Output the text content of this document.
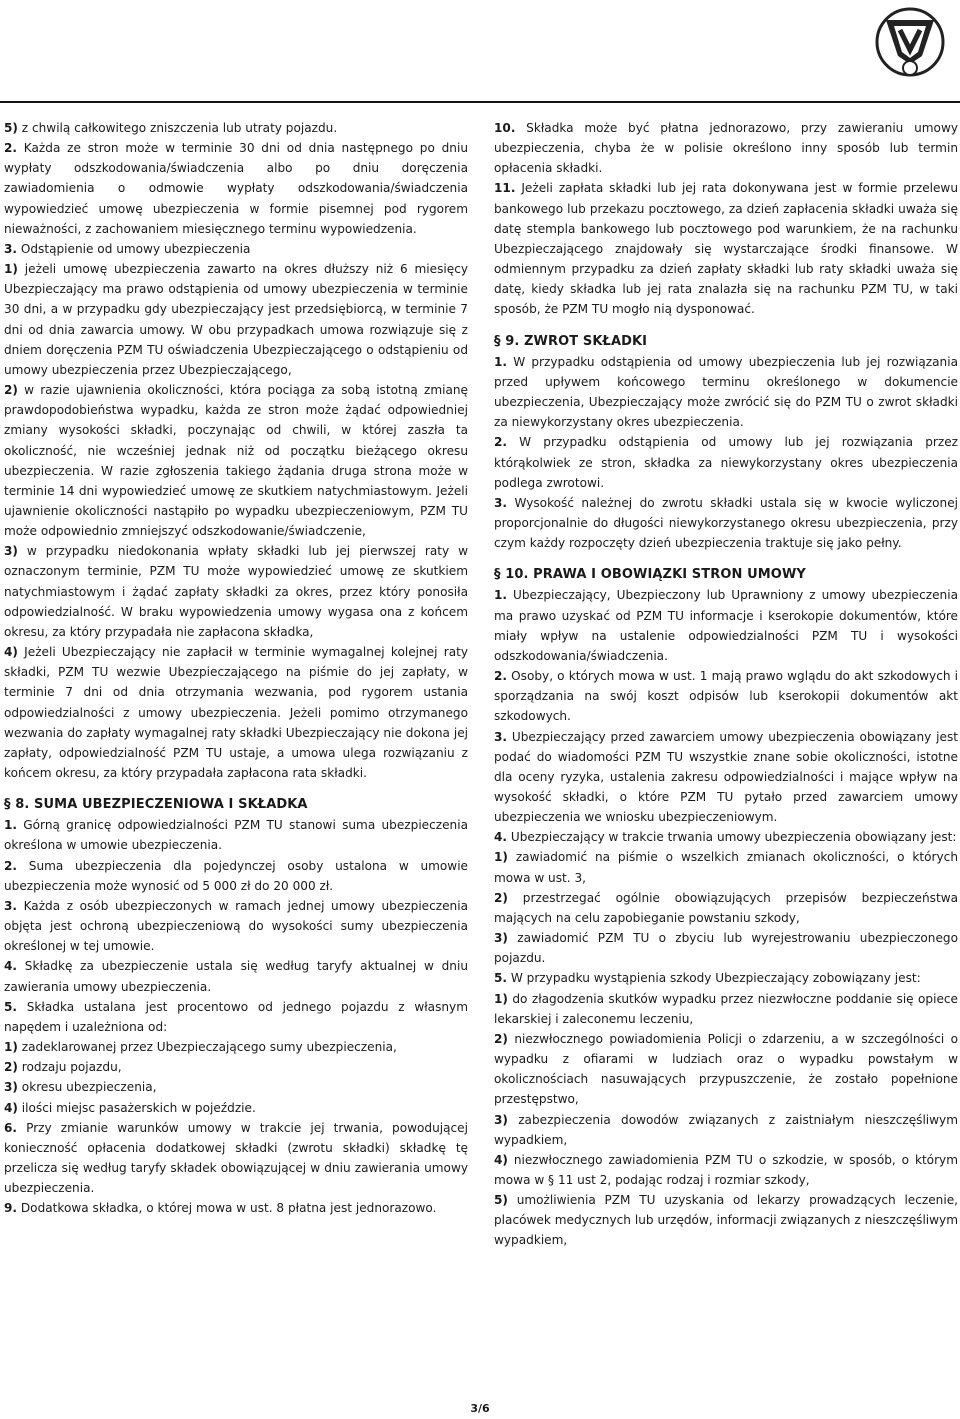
5) z chwilą całkowitego zniszczenia lub utraty pojazdu.

2. Każda ze stron może w terminie 30 dni od dnia następnego po dniu wypłaty odszkodowania/świadczenia albo po dniu doręczenia zawiadomienia o odmowie wypłaty odszkodowania/świadczenia wypowiedzieć umowę ubezpieczenia w formie pisemnej pod rygorem nieważności, z zachowaniem miesięcznego terminu wypowiedzenia.

3. Odstąpienie od umowy ubezpieczenia

1) jeżeli umowę ubezpieczenia zawarto na okres dłuższy niż 6 miesięcy Ubezpieczający ma prawo odstąpienia od umowy ubezpieczenia w terminie 30 dni, a w przypadku gdy ubezpieczający jest przedsiębiorcą, w terminie 7 dni od dnia zawarcia umowy. W obu przypadkach umowa rozwiązuje się z dniem doręczenia PZM TU oświadczenia Ubezpieczającego o odstąpieniu od umowy ubezpieczenia przez Ubezpieczającego,

2) w razie ujawnienia okoliczności, która pociąga za sobą istotną zmianę prawdopodobieństwa wypadku, każda ze stron może żądać odpowiedniej zmiany wysokości składki, poczynając od chwili, w której zaszła ta okoliczność, nie wcześniej jednak niż od początku bieżącego okresu ubezpieczenia. W razie zgłoszenia takiego żądania druga strona może w terminie 14 dni wypowiedzieć umowę ze skutkiem natychmiastowym. Jeżeli ujawnienie okoliczności nastąpiło po wypadku ubezpieczeniowym, PZM TU może odpowiednio zmniejszyć odszkodowanie/świadczenie,

3) w przypadku niedokonania wpłaty składki lub jej pierwszej raty w oznaczonym terminie, PZM TU może wypowiedzieć umowę ze skutkiem natychmiastowym i żądać zapłaty składki za okres, przez który ponosiła odpowiedzialność. W braku wypowiedzenia umowy wygasa ona z końcem okresu, za który przypadała nie zapłacona składka,

4) Jeżeli Ubezpieczający nie zapłacił w terminie wymagalnej kolejnej raty składki, PZM TU wezwie Ubezpieczającego na piśmie do jej zapłaty, w terminie 7 dni od dnia otrzymania wezwania, pod rygorem ustania odpowiedzialności z umowy ubezpieczenia. Jeżeli pomimo otrzymanego wezwania do zapłaty wymagalnej raty składki Ubezpieczający nie dokona jej zapłaty, odpowiedzialność PZM TU ustaje, a umowa ulega rozwiązaniu z końcem okresu, za który przypadała zapłacona rata składki.

§ 8. SUMA UBEZPIECZENIOWA I SKŁADKA

1. Górną granicę odpowiedzialności PZM TU stanowi suma ubezpieczenia określona w umowie ubezpieczenia.

2. Suma ubezpieczenia dla pojedynczej osoby ustalona w umowie ubezpieczenia może wynosić od 5 000 zł do 20 000 zł.

3. Każda z osób ubezpieczonych w ramach jednej umowy ubezpieczenia objęta jest ochroną ubezpieczeniową do wysokości sumy ubezpieczenia określonej w tej umowie.

4. Składkę za ubezpieczenie ustala się według taryfy aktualnej w dniu zawierania umowy ubezpieczenia.

5. Składka ustalana jest procentowo od jednego pojazdu z własnym napędem i uzależniona od:

1) zadeklarowanej przez Ubezpieczającego sumy ubezpieczenia,

2) rodzaju pojazdu,

3) okresu ubezpieczenia,

4) ilości miejsc pasażerskich w pojeździe.

6. Przy zmianie warunków umowy w trakcie jej trwania, powodującej konieczność opłacenia dodatkowej składki (zwrotu składki) składkę tę przelicza się według taryfy składek obowiązującej w dniu zawierania umowy ubezpieczenia.

9. Dodatkowa składka, o której mowa w ust. 8 płatna jest jednorazowo.

10. Składka może być płatna jednorazowo, przy zawieraniu umowy ubezpieczenia, chyba że w polisie określono inny sposób lub termin opłacenia składki.

11. Jeżeli zapłata składki lub jej rata dokonywana jest w formie przelewu bankowego lub przekazu pocztowego, za dzień zapłacenia składki uważa się datę stempla bankowego lub pocztowego pod warunkiem, że na rachunku Ubezpieczającego znajdowały się wystarczające środki finansowe. W odmiennym przypadku za dzień zapłaty składki lub raty składki uważa się datę, kiedy składka lub jej rata znalazła się na rachunku PZM TU, w taki sposób, że PZM TU mogło nią dysponować.

§ 9. ZWROT SKŁADKI

1. W przypadku odstąpienia od umowy ubezpieczenia lub jej rozwiązania przed upływem końcowego terminu określonego w dokumencie ubezpieczenia, Ubezpieczający może zwrócić się do PZM TU o zwrot składki za niewykorzystany okres ubezpieczenia.

2. W przypadku odstąpienia od umowy lub jej rozwiązania przez którąkolwiek ze stron, składka za niewykorzystany okres ubezpieczenia podlega zwrotowi.

3. Wysokość należnej do zwrotu składki ustala się w kwocie wyliczonej proporcjonalnie do długości niewykorzystanego okresu ubezpieczenia, przy czym każdy rozpoczęty dzień ubezpieczenia traktuje się jako pełny.

§ 10. PRAWA I OBOWIĄZKI STRON UMOWY

1. Ubezpieczający, Ubezpieczony lub Uprawniony z umowy ubezpieczenia ma prawo uzyskać od PZM TU informacje i kserokopie dokumentów, które miały wpływ na ustalenie odpowiedzialności PZM TU i wysokości odszkodowania/świadczenia.

2. Osoby, o których mowa w ust. 1 mają prawo wglądu do akt szkodowych i sporządzania na swój koszt odpisów lub kserokopii dokumentów akt szkodowych.

3. Ubezpieczający przed zawarciem umowy ubezpieczenia obowiązany jest podać do wiadomości PZM TU wszystkie znane sobie okoliczności, istotne dla oceny ryzyka, ustalenia zakresu odpowiedzialności i mające wpływ na wysokość składki, o które PZM TU pytało przed zawarciem umowy ubezpieczenia we wniosku ubezpieczeniowym.

4. Ubezpieczający w trakcie trwania umowy ubezpieczenia obowiązany jest:

1) zawiadomić na piśmie o wszelkich zmianach okoliczności, o których mowa w ust. 3,

2) przestrzegać ogólnie obowiązujących przepisów bezpieczeństwa mających na celu zapobieganie powstaniu szkody,

3) zawiadomić PZM TU o zbyciu lub wyrejestrowaniu ubezpieczonego pojazdu.

5. W przypadku wystąpienia szkody Ubezpieczający zobowiązany jest:

1) do złagodzenia skutków wypadku przez niezwłoczne poddanie się opiece lekarskiej i zaleconemu leczeniu,

2) niezwłocznego powiadomienia Policji o zdarzeniu, a w szczególności o wypadku z ofiarami w ludziach oraz o wypadku powstałym w okolicznościach nasuwających przypuszczenie, że zostało popełnione przestępstwo,

3) zabezpieczenia dowodów związanych z zaistniałym nieszczęśliwym wypadkiem,

4) niezwłocznego zawiadomienia PZM TU o szkodzie, w sposób, o którym mowa w § 11 ust 2, podając rodzaj i rozmiar szkody,

5) umożliwienia PZM TU uzyskania od lekarzy prowadzących leczenie, placówek medycznych lub urzędów, informacji związanych z nieszczęśliwym wypadkiem,

3/6
